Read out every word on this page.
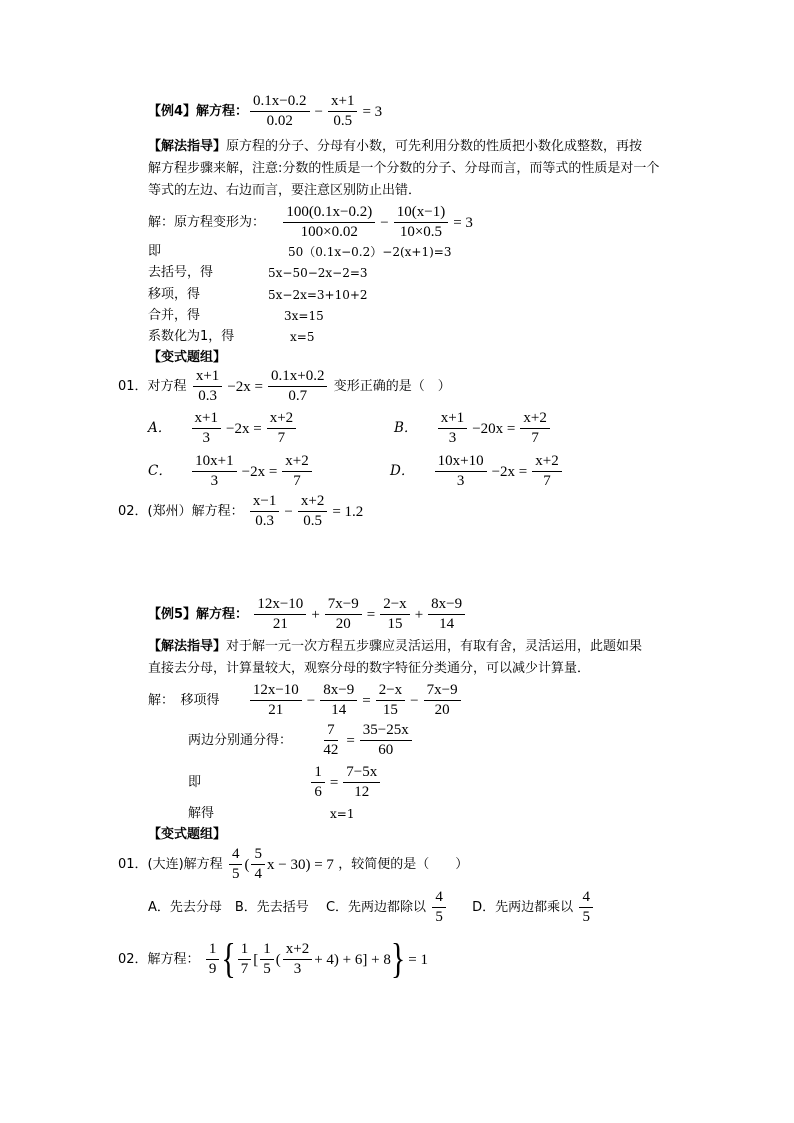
【例4】解方程：
0.1x−0.2
0.02
− $\frac{x+1}{0.5} = 3$
【解法指导】原方程的分子、分母有小数，可先利用分数的性质把小数化成整数，再按
解方程步骤来解，注意:分数的性质是一个分数的分子、分母而言，而等式的性质是对一个
等式的左边、右边而言，要注意区别防止出错．
解：原方程变形为：
100(0.1x−0.2)
100×0.02
− $\frac{10(x-1)}{10\times 0.5} = 3$
即	50（0.1x−0.2）−2(x+1)=3
去括号，得	5x−50−2x−2=3
移项，得	5x−2x=3+10+2
合并，得	3x=15
系数化为1，得	x=5
【变式题组】
01．对方程
x+1
0.3
$-2x = \frac{0.1x+0.2}{0.7}$ 变形正确的是（　）
A．
x+1
3
$-2x = \frac{x+2}{7}$	B．
x+1
3
$-20x = \frac{x+2}{7}$
C．
10x+1
3
$-2x = \frac{x+2}{7}$	D．
10x+10
3
$-2x = \frac{x+2}{7}$
02．(郑州）解方程：
x−1
0.3
− $\frac{x+2}{0.5} = 1.2$
【例5】解方程：
12x−10
21
+ $\frac{7x-9}{20} = \frac{2-x}{15} + \frac{8x-9}{14}$
【解法指导】对于解一元一次方程五步骤应灵活运用，有取有舍，灵活运用，此题如果
直接去分母，计算量较大，观察分母的数字特征分类通分，可以减少计算量．
解：　移项得
12x−10
21
− $\frac{8x-9}{14} = \frac{2-x}{15} - \frac{7x-9}{20}$
两边分别通分得： $\frac{7}{42} = \frac{35-25x}{60}$
即	$\frac{1}{6} = \frac{7-5x}{12}$
解得	x=1
【变式题组】
01．(大连)解方程
4
5
(
5
4
x − 30) = 7 ，较简便的是（　　）
A．先去分母　B．先去括号　 C．先两边都除以
4
5
D．先两边都乘以
4
5
02．解方程：
1
9 { 1
7
[
1
5
(
x+2
3
+ 4) + 6] + 8 } = 1
